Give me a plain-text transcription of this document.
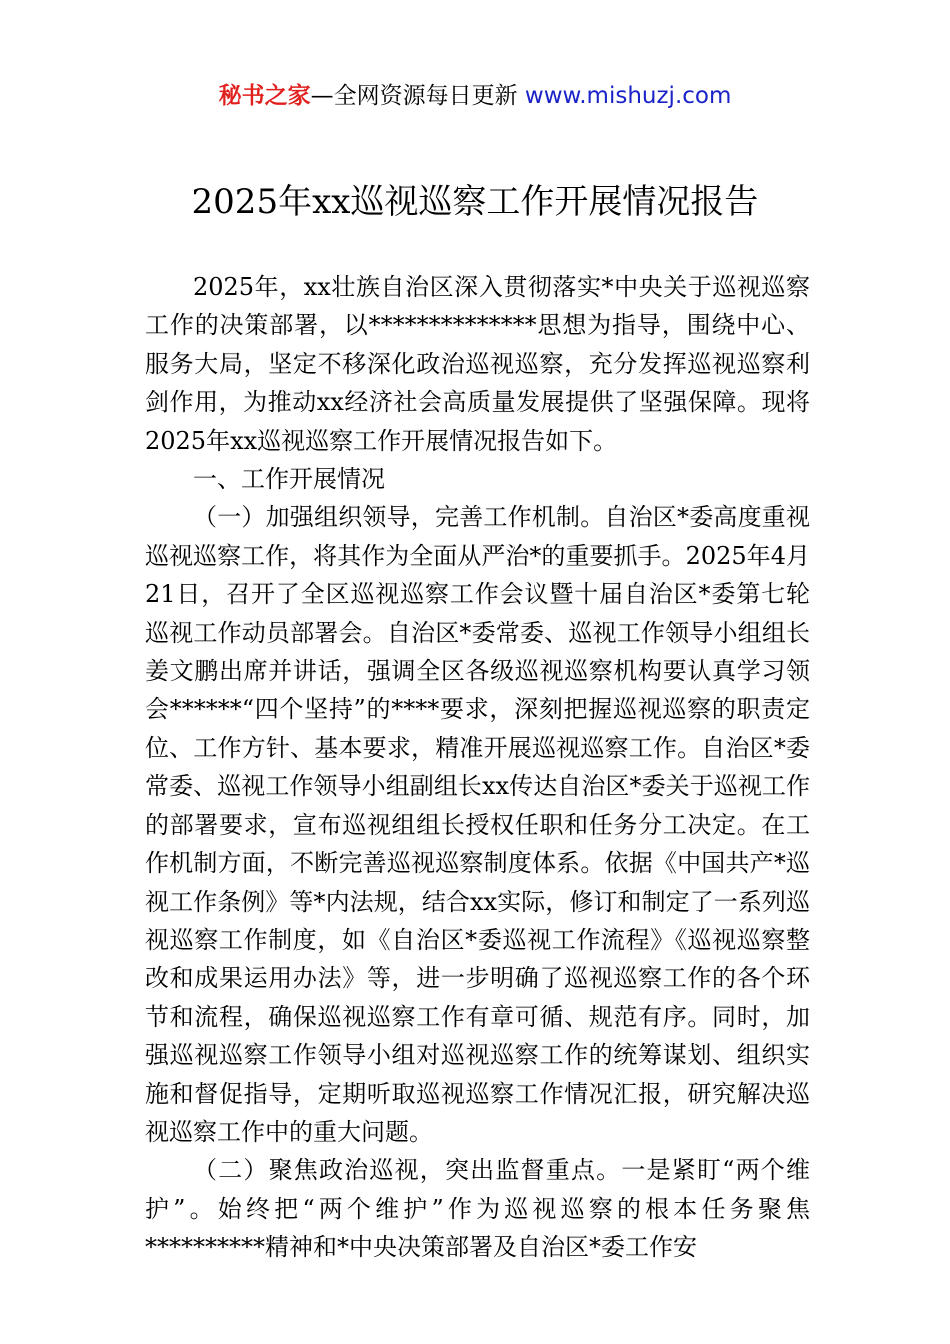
秘书之家—全网资源每日更新 www.mishuzj.com
2025年xx巡视巡察工作开展情况报告

2025年，xx壮族自治区深入贯彻落实*中央关于巡视巡察工作的决策部署，以**************思想为指导，围绕中心、服务大局，坚定不移深化政治巡视巡察，充分发挥巡视巡察利剑作用，为推动xx经济社会高质量发展提供了坚强保障。现将2025年xx巡视巡察工作开展情况报告如下。

一、工作开展情况

（一）加强组织领导，完善工作机制。自治区*委高度重视巡视巡察工作，将其作为全面从严治*的重要抓手。2025年4月21日，召开了全区巡视巡察工作会议暨十届自治区*委第七轮巡视工作动员部署会。自治区*委常委、巡视工作领导小组组长姜文鹏出席并讲话，强调全区各级巡视巡察机构要认真学习领会******“四个坚持”的****要求，深刻把握巡视巡察的职责定位、工作方针、基本要求，精准开展巡视巡察工作。自治区*委常委、巡视工作领导小组副组长xx传达自治区*委关于巡视工作的部署要求，宣布巡视组组长授权任职和任务分工决定。在工作机制方面，不断完善巡视巡察制度体系。依据《中国共产*巡视工作条例》等*内法规，结合xx实际，修订和制定了一系列巡视巡察工作制度，如《自治区*委巡视工作流程》《巡视巡察整改和成果运用办法》等，进一步明确了巡视巡察工作的各个环节和流程，确保巡视巡察工作有章可循、规范有序。同时，加强巡视巡察工作领导小组对巡视巡察工作的统筹谋划、组织实施和督促指导，定期听取巡视巡察工作情况汇报，研究解决巡视巡察工作中的重大问题。

（二）聚焦政治巡视，突出监督重点。一是紧盯“两个维护”。始终把“两个维护”作为巡视巡察的根本任务聚焦**********精神和*中央决策部署及自治区*委工作安
